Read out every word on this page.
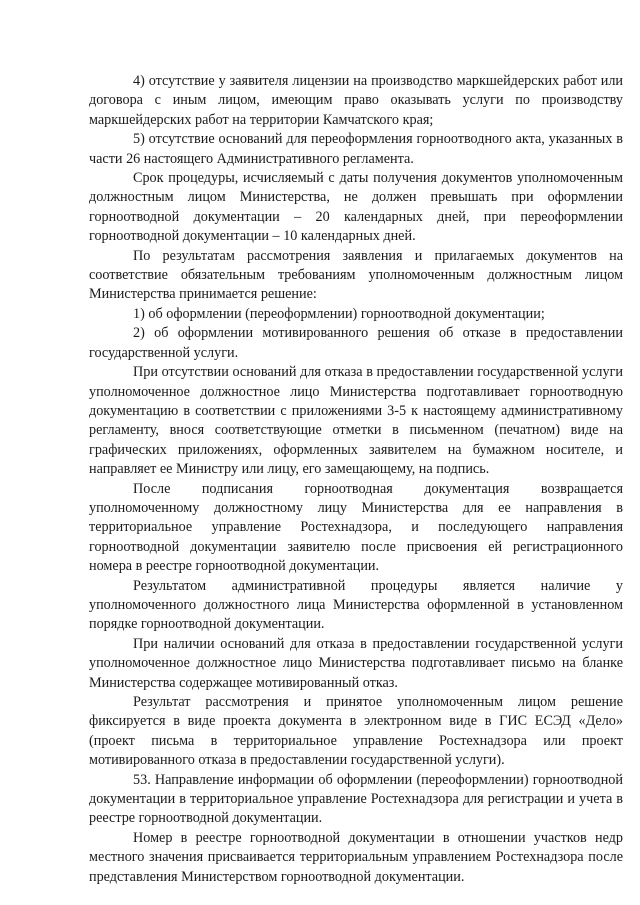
4) отсутствие у заявителя лицензии на производство маркшейдерских работ или договора с иным лицом, имеющим право оказывать услуги по производству маркшейдерских работ на территории Камчатского края;

5) отсутствие оснований для переоформления горноотводного акта, указанных в части 26 настоящего Административного регламента.

Срок процедуры, исчисляемый с даты получения документов уполномоченным должностным лицом Министерства, не должен превышать при оформлении горноотводной документации – 20 календарных дней, при переоформлении горноотводной документации – 10 календарных дней.

По результатам рассмотрения заявления и прилагаемых документов на соответствие обязательным требованиям уполномоченным должностным лицом Министерства принимается решение:

1) об оформлении (переоформлении) горноотводной документации;

2) об оформлении мотивированного решения об отказе в предоставлении государственной услуги.

При отсутствии оснований для отказа в предоставлении государственной услуги уполномоченное должностное лицо Министерства подготавливает горноотводную документацию в соответствии с приложениями 3-5 к настоящему административному регламенту, внося соответствующие отметки в письменном (печатном) виде на графических приложениях, оформленных заявителем на бумажном носителе, и направляет ее Министру или лицу, его замещающему, на подпись.

После подписания горноотводная документация возвращается уполномоченному должностному лицу Министерства для ее направления в территориальное управление Ростехнадзора, и последующего направления горноотводной документации заявителю после присвоения ей регистрационного номера в реестре горноотводной документации.

Результатом административной процедуры является наличие у уполномоченного должностного лица Министерства оформленной в установленном порядке горноотводной документации.

При наличии оснований для отказа в предоставлении государственной услуги уполномоченное должностное лицо Министерства подготавливает письмо на бланке Министерства содержащее мотивированный отказ.

Результат рассмотрения и принятое уполномоченным лицом решение фиксируется в виде проекта документа в электронном виде в ГИС ЕСЭД «Дело» (проект письма в территориальное управление Ростехнадзора или проект мотивированного отказа в предоставлении государственной услуги).

53. Направление информации об оформлении (переоформлении) горноотводной документации в территориальное управление Ростехнадзора для регистрации и учета в реестре горноотводной документации.

Номер в реестре горноотводной документации в отношении участков недр местного значения присваивается территориальным управлением Ростехнадзора после представления Министерством горноотводной документации.
